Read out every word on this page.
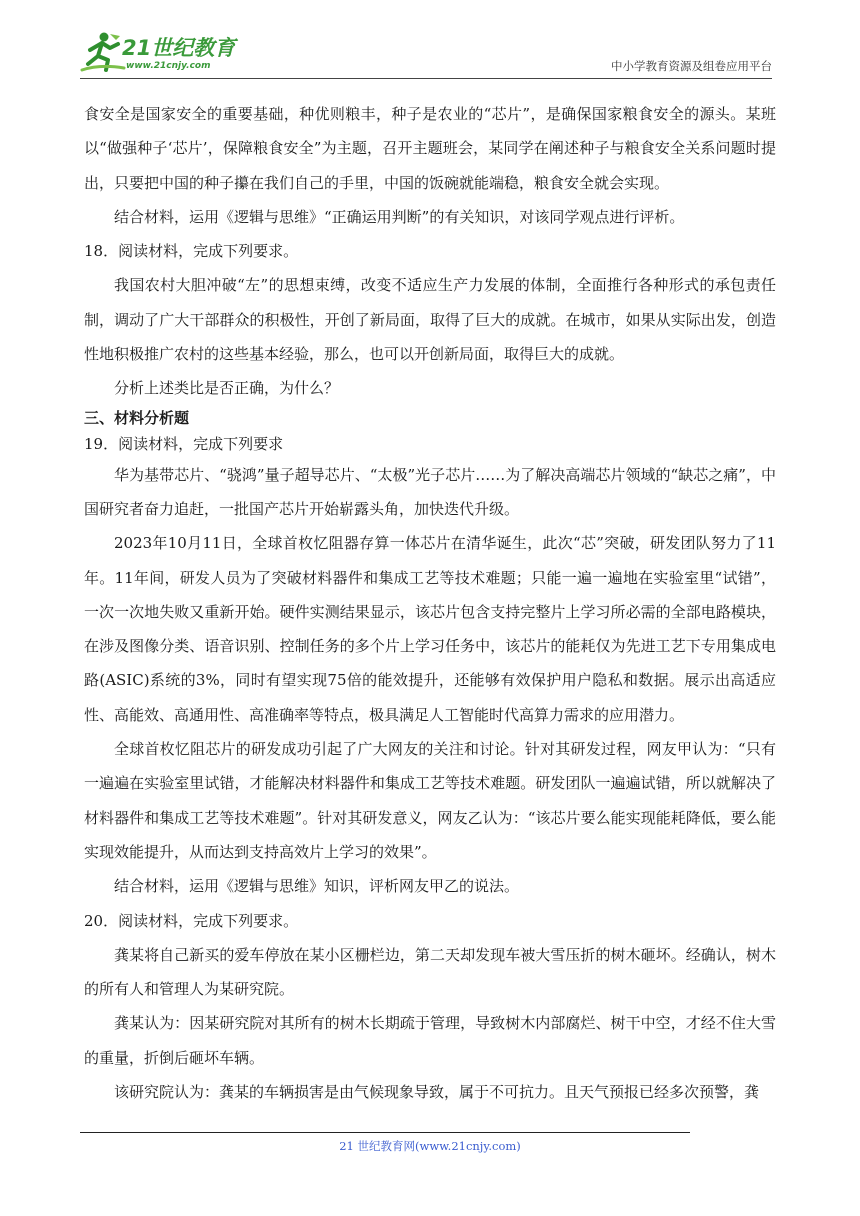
21世纪教育
www.21cnjy.com	中小学教育资源及组卷应用平台

食安全是国家安全的重要基础，种优则粮丰，种子是农业的“芯片”，是确保国家粮食安全的源头。某班以“做强种子‘芯片’，保障粮食安全”为主题，召开主题班会，某同学在阐述种子与粮食安全关系问题时提出，只要把中国的种子攥在我们自己的手里，中国的饭碗就能端稳，粮食安全就会实现。

结合材料，运用《逻辑与思维》“正确运用判断”的有关知识，对该同学观点进行评析。

18．阅读材料，完成下列要求。

我国农村大胆冲破“左”的思想束缚，改变不适应生产力发展的体制，全面推行各种形式的承包责任制，调动了广大干部群众的积极性，开创了新局面，取得了巨大的成就。在城市，如果从实际出发，创造性地积极推广农村的这些基本经验，那么，也可以开创新局面，取得巨大的成就。

分析上述类比是否正确，为什么？

三、材料分析题

19．阅读材料，完成下列要求

华为基带芯片、“骁鸿”量子超导芯片、“太极”光子芯片……为了解决高端芯片领域的“缺芯之痛”，中国研究者奋力追赶，一批国产芯片开始崭露头角，加快迭代升级。

2023年10月11日，全球首枚忆阻器存算一体芯片在清华诞生，此次“芯”突破，研发团队努力了11年。11年间，研发人员为了突破材料器件和集成工艺等技术难题；只能一遍一遍地在实验室里“试错”，一次一次地失败又重新开始。硬件实测结果显示，该芯片包含支持完整片上学习所必需的全部电路模块，在涉及图像分类、语音识别、控制任务的多个片上学习任务中，该芯片的能耗仅为先进工艺下专用集成电路(ASIC)系统的3%，同时有望实现75倍的能效提升，还能够有效保护用户隐私和数据。展示出高适应性、高能效、高通用性、高准确率等特点，极具满足人工智能时代高算力需求的应用潜力。

全球首枚忆阻芯片的研发成功引起了广大网友的关注和讨论。针对其研发过程，网友甲认为：“只有一遍遍在实验室里试错，才能解决材料器件和集成工艺等技术难题。研发团队一遍遍试错，所以就解决了材料器件和集成工艺等技术难题”。针对其研发意义，网友乙认为：“该芯片要么能实现能耗降低，要么能实现效能提升，从而达到支持高效片上学习的效果”。

结合材料，运用《逻辑与思维》知识，评析网友甲乙的说法。

20．阅读材料，完成下列要求。

龚某将自己新买的爱车停放在某小区栅栏边，第二天却发现车被大雪压折的树木砸坏。经确认，树木的所有人和管理人为某研究院。

龚某认为：因某研究院对其所有的树木长期疏于管理，导致树木内部腐烂、树干中空，才经不住大雪的重量，折倒后砸坏车辆。

该研究院认为：龚某的车辆损害是由气候现象导致，属于不可抗力。且天气预报已经多次预警，龚

21 世纪教育网(www.21cnjy.com)
